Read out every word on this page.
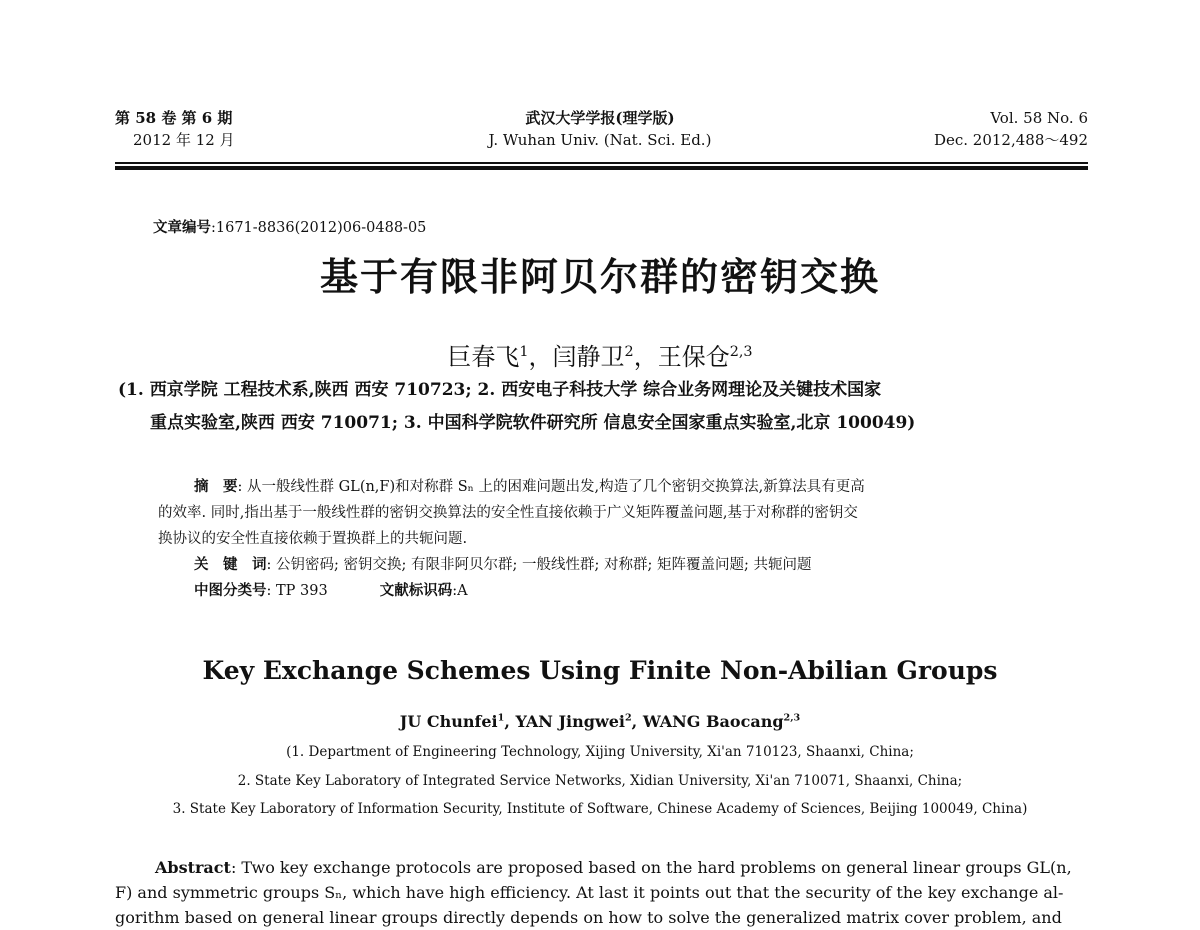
第 58 卷 第 6 期
2012 年 12 月
武汉大学学报(理学版)
J. Wuhan Univ. (Nat. Sci. Ed.)
Vol. 58 No. 6
Dec. 2012,488～492
文章编号:1671-8836(2012)06-0488-05
基于有限非阿贝尔群的密钥交换
巨春飞$^1$，闫静卫$^2$，王保仓$^{2,3}$
(1. 西京学院 工程技术系,陕西 西安 710723; 2. 西安电子科技大学 综合业务网理论及关键技术国家
重点实验室,陕西 西安 710071; 3. 中国科学院软件研究所 信息安全国家重点实验室,北京 100049)

摘　要: 从一般线性群 GL(n,F)和对称群 Sₙ 上的困难问题出发,构造了几个密钥交换算法,新算法具有更高

的效率. 同时,指出基于一般线性群的密钥交换算法的安全性直接依赖于广义矩阵覆盖问题,基于对称群的密钥交

换协议的安全性直接依赖于置换群上的共轭问题.

关　键　词: 公钥密码; 密钥交换; 有限非阿贝尔群; 一般线性群; 对称群; 矩阵覆盖问题; 共轭问题

中图分类号: TP 393	文献标识码:A

Key Exchange Schemes Using Finite Non-Abilian Groups
JU Chunfei$^1$, YAN Jingwei$^2$, WANG Baocang$^{2,3}$
(1. Department of Engineering Technology, Xijing University, Xi'an 710123, Shaanxi, China;
2. State Key Laboratory of Integrated Service Networks, Xidian University, Xi'an 710071, Shaanxi, China;
3. State Key Laboratory of Information Security, Institute of Software, Chinese Academy of Sciences, Beijing 100049, China)
Abstract: Two key exchange protocols are proposed based on the hard problems on general linear groups GL(n,
F) and symmetric groups Sₙ, which have high efficiency. At last it points out that the security of the key exchange al-
gorithm based on general linear groups directly depends on how to solve the generalized matrix cover problem, and
